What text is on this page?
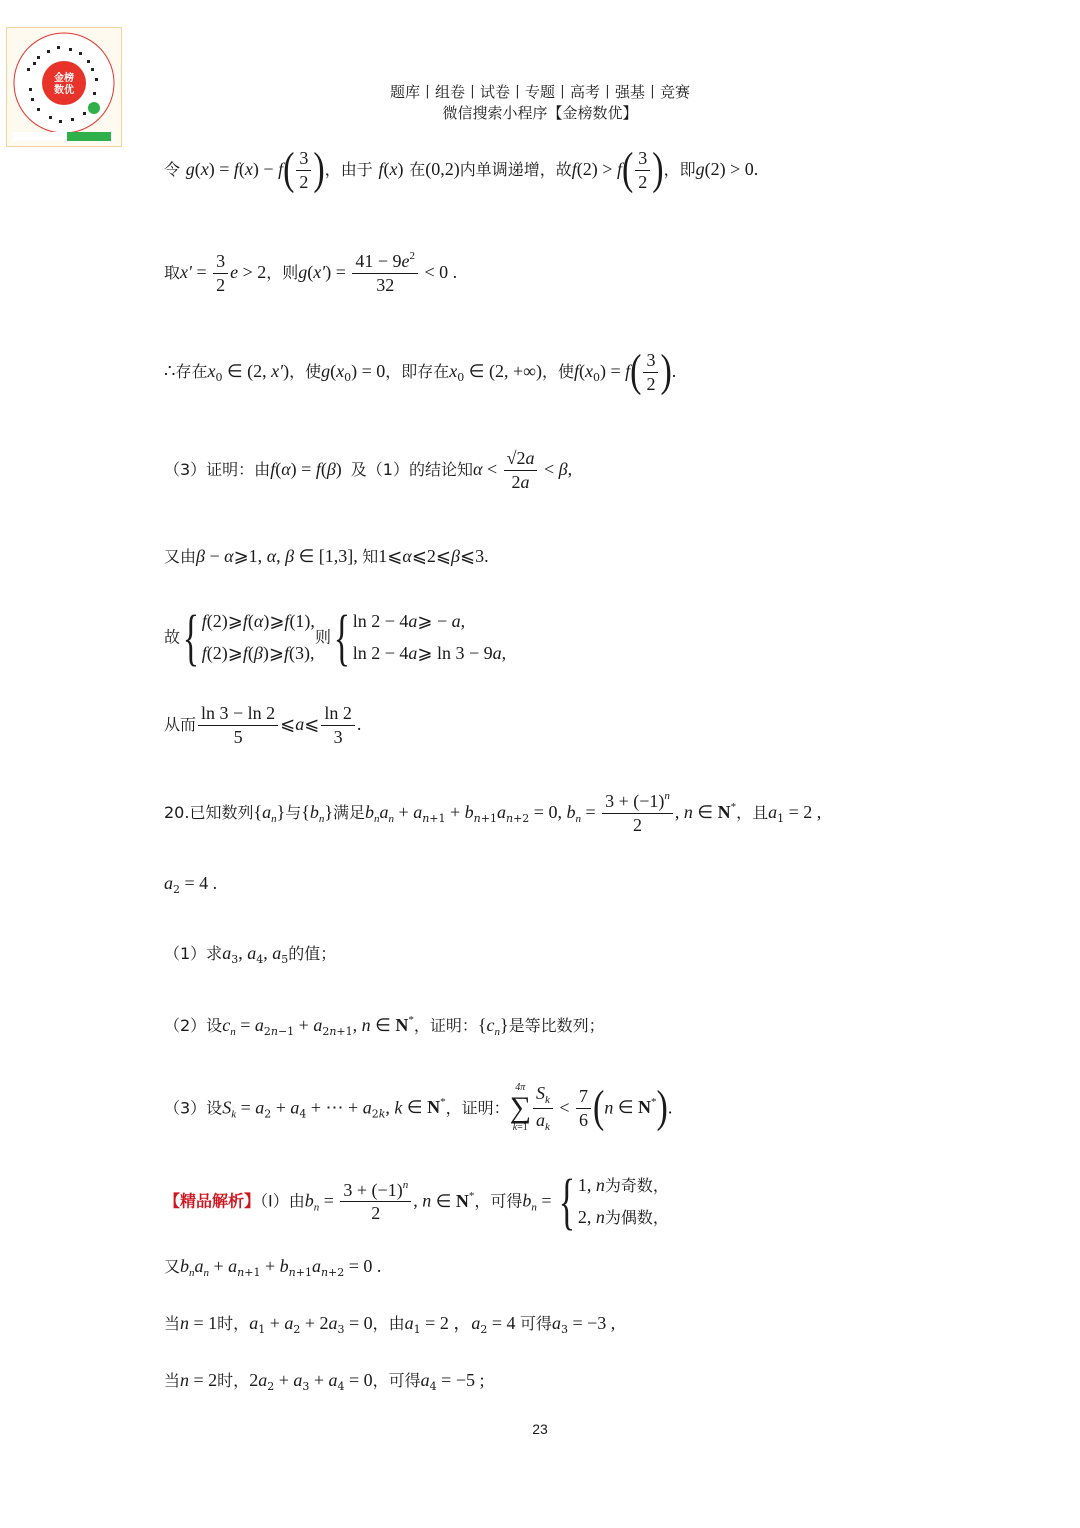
金榜
数优	题库丨组卷丨试卷丨专题丨高考丨强基丨竞赛
微信搜索小程序【金榜数优】
令 $g(x) = f(x) - f( \frac{3}{2}$ )，由于 f(x) 在(0,2)内单调递增，故$f(2) > f( \frac{3}{2}$ )，即g(2) > 0.
取$x' = \frac{3}{2}$ e > 2，则$g(x') = \frac{41 - 9e^2}{32} < 0$ .
∴存在$x_0$ ∈ (2, x′)，使$g(x_0) = 0$，即存在$x_0$ ∈ (2, +∞)，使$f(x_0) = f( \frac{3}{2}$ ).
（3）证明：由f(α) = f(β)  及（1）的结论知$\alpha < \frac{√2a}{2a} < \beta$,
又由β − α⩾1, α, β ∈ [1,3], 知1⩽α⩽2⩽β⩽3.
故{ f(2)⩾f(α)⩾f(1),
f(2)⩾f(β)⩾f(3),
则{ ln 2 − 4a⩾ − a,
ln 2 − 4a⩾ ln 3 − 9a,
从而 $\frac{\ln 3 - \ln 2}{5}$ ⩽a⩽ $\frac{\ln 2}{3}$ .
20.已知数列$\{a_n\}$与$\{b_n\}$满足$b_na_n + a_{n+1} + b_{n+1}a_{n+2} = 0$, $b_n = \frac{3 + (-1)^n}{2}$ , n ∈ N*，且$a_1 = 2$ ,
$a_2 = 4$ .
（1）求$a_3$, $a_4$, $a_5$的值；
（2）设$c_n = a_{2n-1} + a_{2n+1}$, n ∈ N*，证明：$\{c_n\}$是等比数列；
（3）设$S_k = a_2 + a_4$ + ⋯ + $a_{2k}$, k ∈ N*，证明：
4π
∑
$k=1 \frac{S_k}{a_k} < \frac{7}{6} (n$ ∈ N*).
【精品解析】（Ⅰ）由$b_n = \frac{3 + (-1)^n}{2}$ , n ∈ N*，可得$b_n$ = { 1, n为奇数，
2, n为偶数，
又$b_na_n + a_{n+1} + b_{n+1}a_{n+2} = 0$ .
当n = 1时，$a_1 + a_2 + 2a_3 = 0$，由$a_1 = 2$ ，$a_2 = 4$ 可得$a_3 = -3$ ,
当n = 2时，$2a_2 + a_3 + a_4 = 0$，可得$a_4 = -5$ ;
23
